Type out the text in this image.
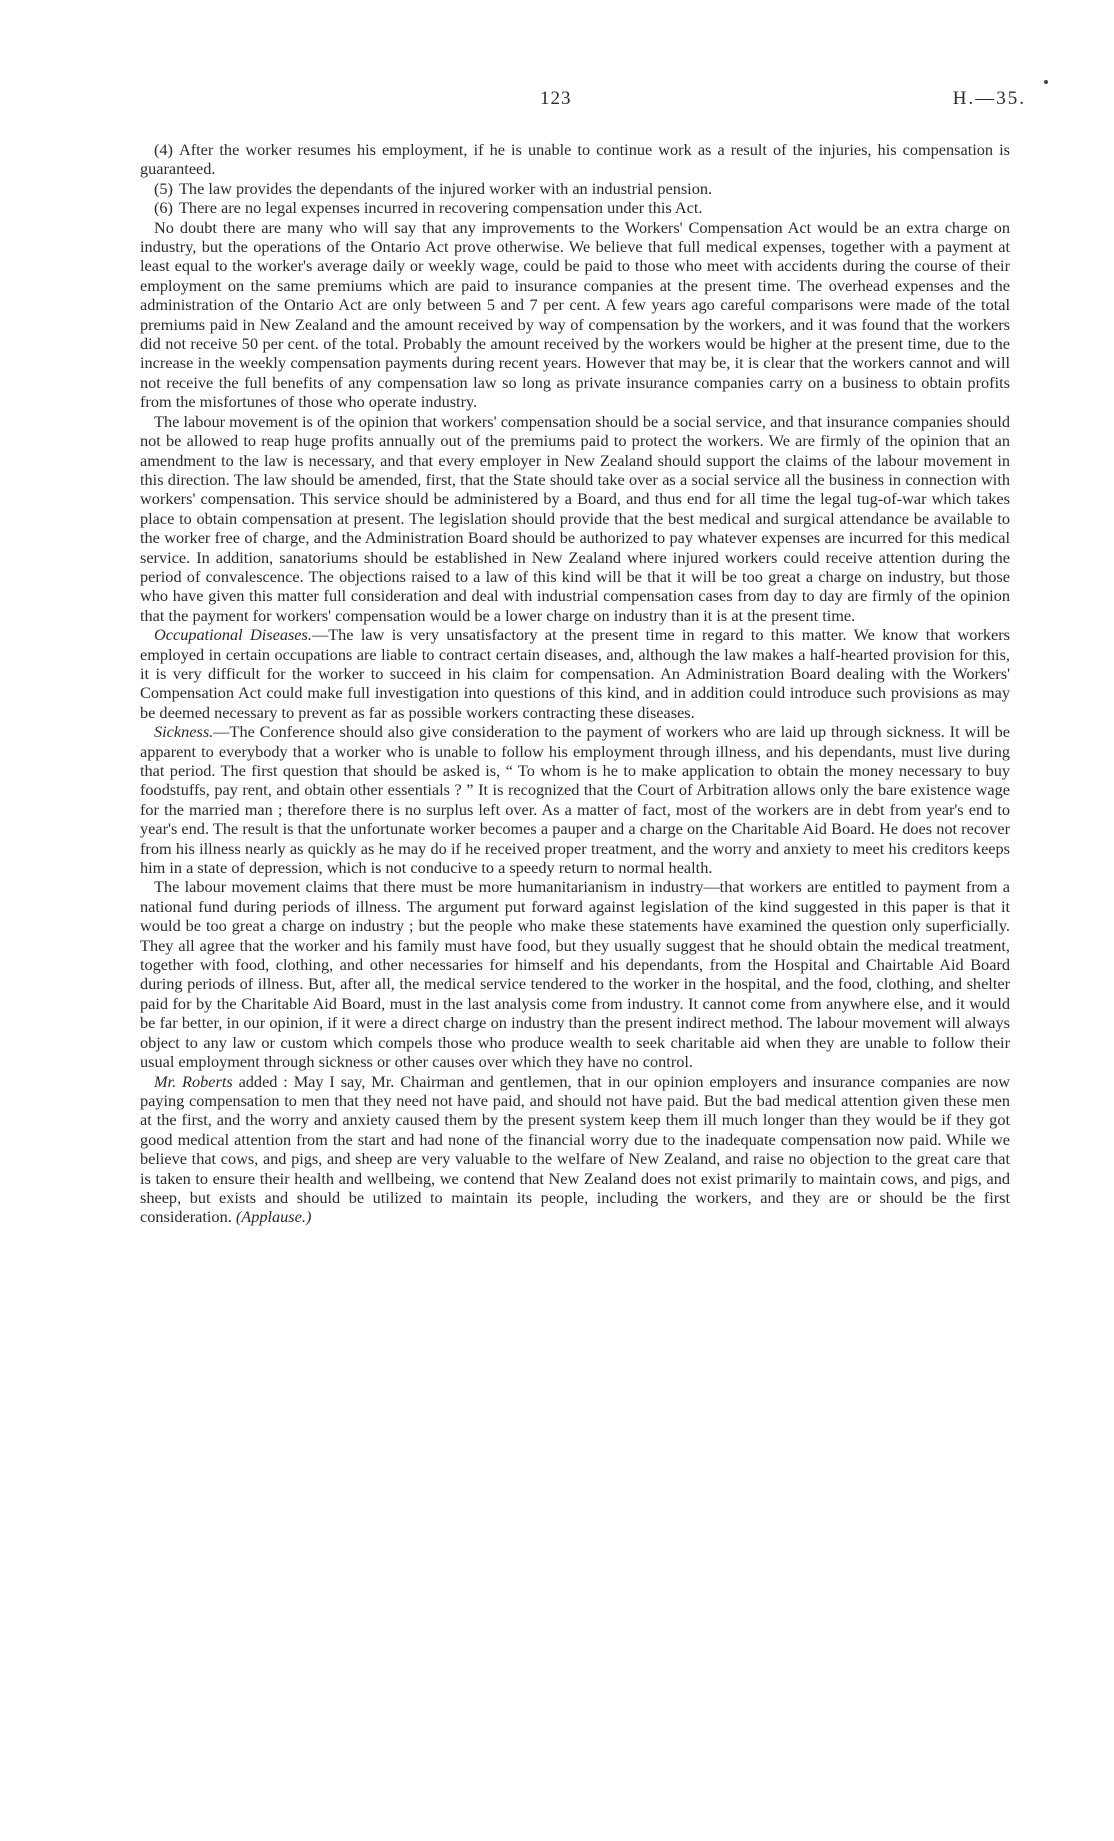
123	H.—35.

(4) After the worker resumes his employment, if he is unable to continue work as a result of the injuries, his compensation is guaranteed.

(5) The law provides the dependants of the injured worker with an industrial pension.

(6) There are no legal expenses incurred in recovering compensation under this Act.

No doubt there are many who will say that any improvements to the Workers' Compensation Act would be an extra charge on industry, but the operations of the Ontario Act prove otherwise. We believe that full medical expenses, together with a payment at least equal to the worker's average daily or weekly wage, could be paid to those who meet with accidents during the course of their employment on the same premiums which are paid to insurance companies at the present time. The overhead expenses and the administration of the Ontario Act are only between 5 and 7 per cent. A few years ago careful comparisons were made of the total premiums paid in New Zealand and the amount received by way of compensation by the workers, and it was found that the workers did not receive 50 per cent. of the total. Probably the amount received by the workers would be higher at the present time, due to the increase in the weekly compensation payments during recent years. However that may be, it is clear that the workers cannot and will not receive the full benefits of any compensation law so long as private insurance companies carry on a business to obtain profits from the misfortunes of those who operate industry.

The labour movement is of the opinion that workers' compensation should be a social service, and that insurance companies should not be allowed to reap huge profits annually out of the premiums paid to protect the workers. We are firmly of the opinion that an amendment to the law is necessary, and that every employer in New Zealand should support the claims of the labour movement in this direction. The law should be amended, first, that the State should take over as a social service all the business in connection with workers' compensation. This service should be administered by a Board, and thus end for all time the legal tug-of-war which takes place to obtain compensation at present. The legislation should provide that the best medical and surgical attendance be available to the worker free of charge, and the Administration Board should be authorized to pay whatever expenses are incurred for this medical service. In addition, sanatoriums should be established in New Zealand where injured workers could receive attention during the period of convalescence. The objections raised to a law of this kind will be that it will be too great a charge on industry, but those who have given this matter full consideration and deal with industrial compensation cases from day to day are firmly of the opinion that the payment for workers' compensation would be a lower charge on industry than it is at the present time.

Occupational Diseases.—The law is very unsatisfactory at the present time in regard to this matter. We know that workers employed in certain occupations are liable to contract certain diseases, and, although the law makes a half-hearted provision for this, it is very difficult for the worker to succeed in his claim for compensation. An Administration Board dealing with the Workers' Compensation Act could make full investigation into questions of this kind, and in addition could introduce such provisions as may be deemed necessary to prevent as far as possible workers contracting these diseases.

Sickness.—The Conference should also give consideration to the payment of workers who are laid up through sickness. It will be apparent to everybody that a worker who is unable to follow his employment through illness, and his dependants, must live during that period. The first question that should be asked is, “ To whom is he to make application to obtain the money necessary to buy foodstuffs, pay rent, and obtain other essentials ? ” It is recognized that the Court of Arbitration allows only the bare existence wage for the married man ; therefore there is no surplus left over. As a matter of fact, most of the workers are in debt from year's end to year's end. The result is that the unfortunate worker becomes a pauper and a charge on the Charitable Aid Board. He does not recover from his illness nearly as quickly as he may do if he received proper treatment, and the worry and anxiety to meet his creditors keeps him in a state of depression, which is not conducive to a speedy return to normal health.

The labour movement claims that there must be more humanitarianism in industry—that workers are entitled to payment from a national fund during periods of illness. The argument put forward against legislation of the kind suggested in this paper is that it would be too great a charge on industry ; but the people who make these statements have examined the question only superficially. They all agree that the worker and his family must have food, but they usually suggest that he should obtain the medical treatment, together with food, clothing, and other necessaries for himself and his dependants, from the Hospital and Chairtable Aid Board during periods of illness. But, after all, the medical service tendered to the worker in the hospital, and the food, clothing, and shelter paid for by the Charitable Aid Board, must in the last analysis come from industry. It cannot come from anywhere else, and it would be far better, in our opinion, if it were a direct charge on industry than the present indirect method. The labour movement will always object to any law or custom which compels those who produce wealth to seek charitable aid when they are unable to follow their usual employment through sickness or other causes over which they have no control.

Mr. Roberts added : May I say, Mr. Chairman and gentlemen, that in our opinion employers and insurance companies are now paying compensation to men that they need not have paid, and should not have paid. But the bad medical attention given these men at the first, and the worry and anxiety caused them by the present system keep them ill much longer than they would be if they got good medical attention from the start and had none of the financial worry due to the inadequate compensation now paid. While we believe that cows, and pigs, and sheep are very valuable to the welfare of New Zealand, and raise no objection to the great care that is taken to ensure their health and wellbeing, we contend that New Zealand does not exist primarily to maintain cows, and pigs, and sheep, but exists and should be utilized to maintain its people, including the workers, and they are or should be the first consideration. (Applause.)
